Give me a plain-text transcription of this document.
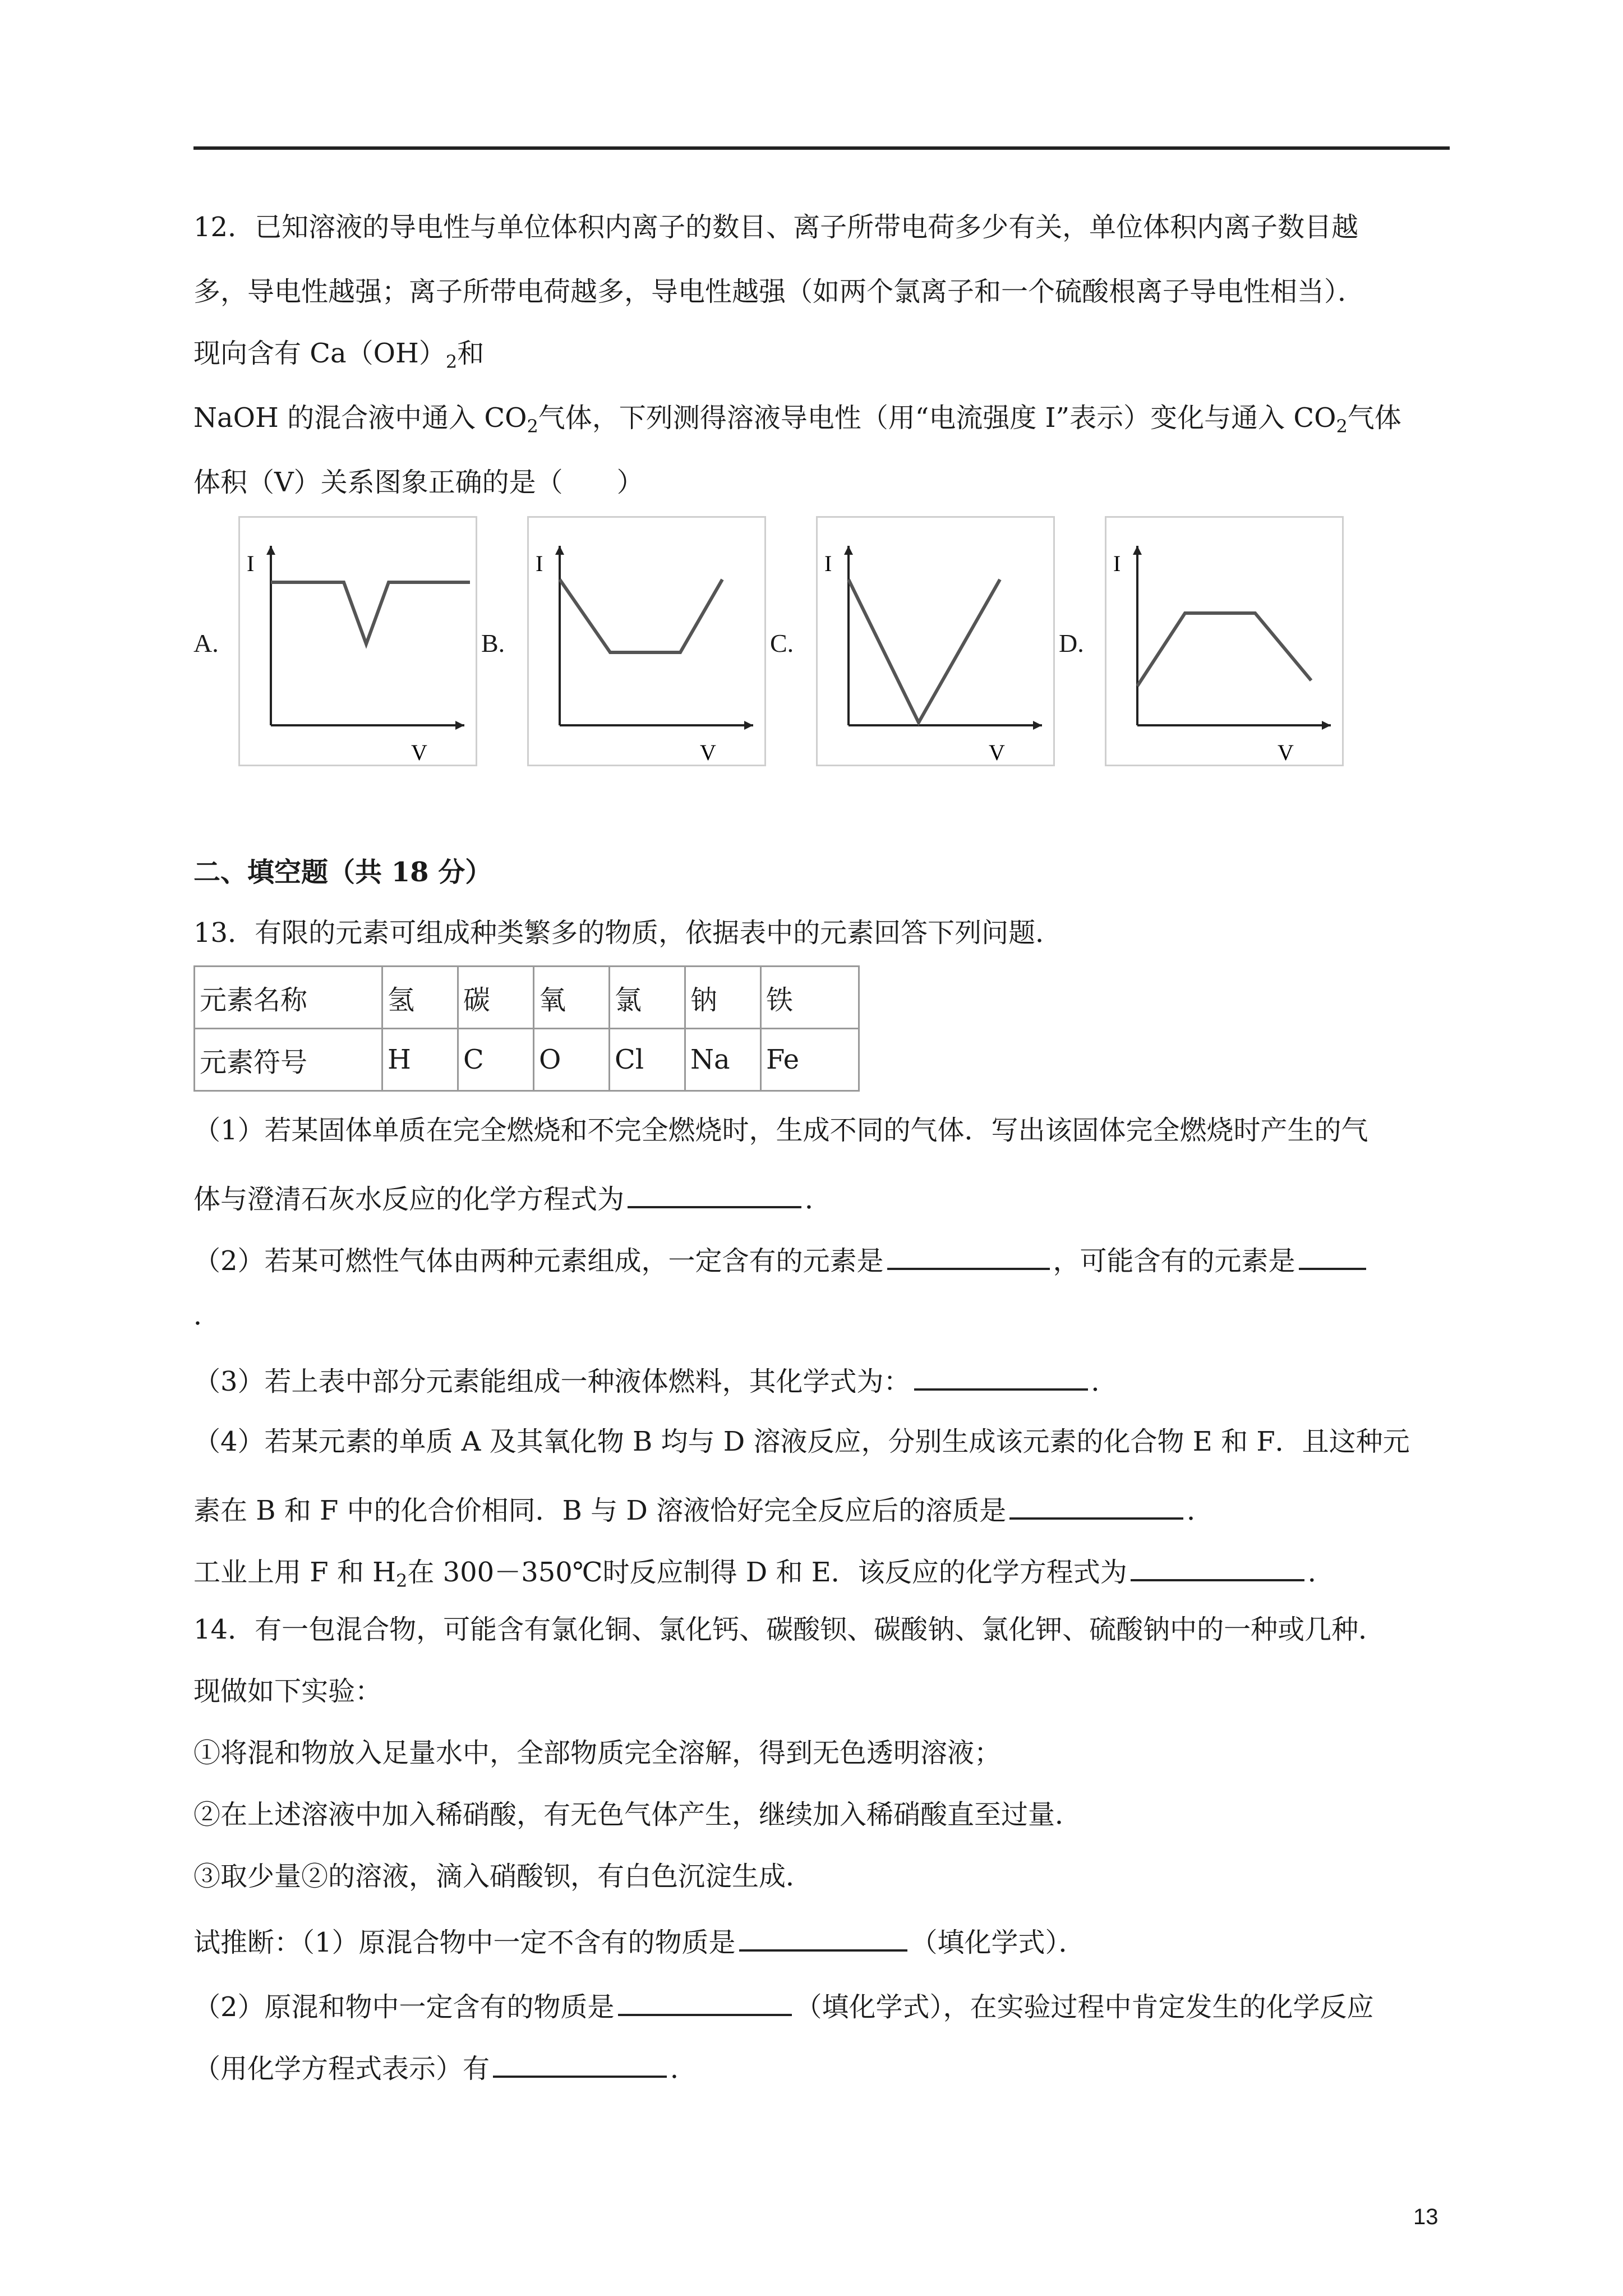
12．已知溶液的导电性与单位体积内离子的数目、离子所带电荷多少有关，单位体积内离子数目越
多，导电性越强；离子所带电荷越多，导电性越强（如两个氯离子和一个硫酸根离子导电性相当）．
现向含有 $Ca(OH)_2$和
NaOH 的混合液中通入 $CO_2$气体，下列测得溶液导电性（用“电流强度 I”表示）变化与通入 $CO_2$气体
体积（V）关系图象正确的是（　　）
A.
I
V
B.
I
V
C.
I
V
D.
I
V
二、填空题（共 18 分）
13．有限的元素可组成种类繁多的物质，依据表中的元素回答下列问题．
元素名称	氢	碳	氧	氯	钠	铁
元素符号	H	C	O	Cl	Na	Fe
（1）若某固体单质在完全燃烧和不完全燃烧时，生成不同的气体．写出该固体完全燃烧时产生的气
体与澄清石灰水反应的化学方程式为	．
（2）若某可燃性气体由两种元素组成，一定含有的元素是	，可能含有的元素是
．
（3）若上表中部分元素能组成一种液体燃料，其化学式为：	．
（4）若某元素的单质 A 及其氧化物 B 均与 D 溶液反应，分别生成该元素的化合物 E 和 F．且这种元
素在 B 和 F 中的化合价相同．B 与 D 溶液恰好完全反应后的溶质是	．
工业上用 F 和 $H_2$在 300－350℃时反应制得 D 和 E．该反应的化学方程式为	．
14．有一包混合物，可能含有氯化铜、氯化钙、碳酸钡、碳酸钠、氯化钾、硫酸钠中的一种或几种．
现做如下实验：
①将混和物放入足量水中，全部物质完全溶解，得到无色透明溶液；
②在上述溶液中加入稀硝酸，有无色气体产生，继续加入稀硝酸直至过量．
③取少量②的溶液，滴入硝酸钡，有白色沉淀生成．
试推断：（1）原混合物中一定不含有的物质是	（填化学式）．
（2）原混和物中一定含有的物质是	（填化学式），在实验过程中肯定发生的化学反应
（用化学方程式表示）有	．
13
